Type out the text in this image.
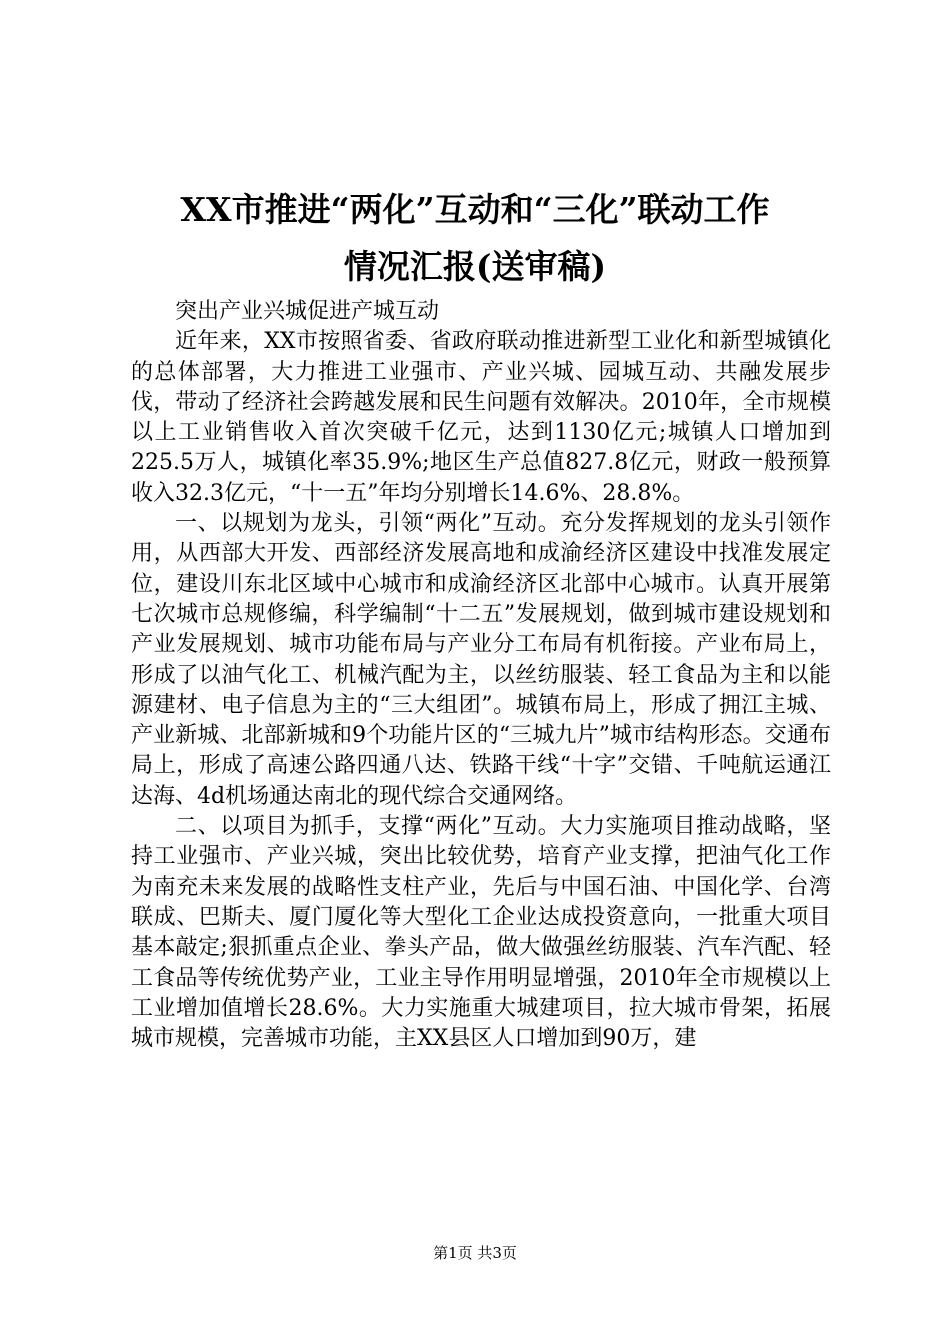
XX市推进“两化”互动和“三化”联动工作
情况汇报(送审稿)

突出产业兴城促进产城互动

近年来，XX市按照省委、省政府联动推进新型工业化和新型城镇化的总体部署，大力推进工业强市、产业兴城、园城互动、共融发展步伐，带动了经济社会跨越发展和民生问题有效解决。2010年，全市规模以上工业销售收入首次突破千亿元，达到1130亿元;城镇人口增加到225.5万人，城镇化率35.9%;地区生产总值827.8亿元，财政一般预算收入32.3亿元，“十一五”年均分别增长14.6%、28.8%。

一、以规划为龙头，引领“两化”互动。充分发挥规划的龙头引领作用，从西部大开发、西部经济发展高地和成渝经济区建设中找准发展定位，建设川东北区域中心城市和成渝经济区北部中心城市。认真开展第七次城市总规修编，科学编制“十二五”发展规划，做到城市建设规划和产业发展规划、城市功能布局与产业分工布局有机衔接。产业布局上，形成了以油气化工、机械汽配为主，以丝纺服装、轻工食品为主和以能源建材、电子信息为主的“三大组团”。城镇布局上，形成了拥江主城、产业新城、北部新城和9个功能片区的“三城九片”城市结构形态。交通布局上，形成了高速公路四通八达、铁路干线“十字”交错、千吨航运通江达海、4d机场通达南北的现代综合交通网络。

二、以项目为抓手，支撑“两化”互动。大力实施项目推动战略，坚持工业强市、产业兴城，突出比较优势，培育产业支撑，把油气化工作为南充未来发展的战略性支柱产业，先后与中国石油、中国化学、台湾联成、巴斯夫、厦门厦化等大型化工企业达成投资意向，一批重大项目基本敲定;狠抓重点企业、拳头产品，做大做强丝纺服装、汽车汽配、轻工食品等传统优势产业，工业主导作用明显增强，2010年全市规模以上工业增加值增长28.6%。大力实施重大城建项目，拉大城市骨架，拓展城市规模，完善城市功能，主XX县区人口增加到90万，建

第1页 共3页
